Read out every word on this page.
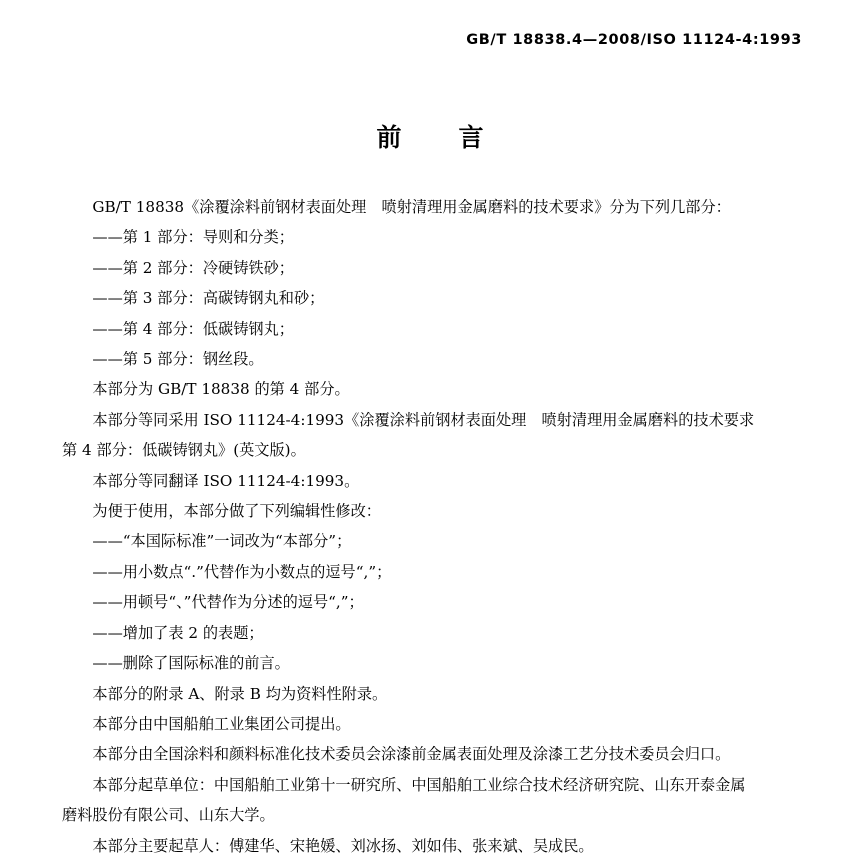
GB/T 18838.4—2008/ISO 11124-4:1993
前　言

GB/T 18838《涂覆涂料前钢材表面处理　喷射清理用金属磨料的技术要求》分为下列几部分：

——第 1 部分：导则和分类；

——第 2 部分：冷硬铸铁砂；

——第 3 部分：高碳铸钢丸和砂；

——第 4 部分：低碳铸钢丸；

——第 5 部分：钢丝段。

本部分为 GB/T 18838 的第 4 部分。

本部分等同采用 ISO 11124-4:1993《涂覆涂料前钢材表面处理　喷射清理用金属磨料的技术要求

第 4 部分：低碳铸钢丸》(英文版)。

本部分等同翻译 ISO 11124-4:1993。

为便于使用，本部分做了下列编辑性修改：

——“本国际标准”一词改为“本部分”；

——用小数点“.”代替作为小数点的逗号“,”；

——用顿号“、”代替作为分述的逗号“,”；

——增加了表 2 的表题；

——删除了国际标准的前言。

本部分的附录 A、附录 B 均为资料性附录。

本部分由中国船舶工业集团公司提出。

本部分由全国涂料和颜料标准化技术委员会涂漆前金属表面处理及涂漆工艺分技术委员会归口。

本部分起草单位：中国船舶工业第十一研究所、中国船舶工业综合技术经济研究院、山东开泰金属

磨料股份有限公司、山东大学。

本部分主要起草人：傅建华、宋艳媛、刘冰扬、刘如伟、张来斌、吴成民。
